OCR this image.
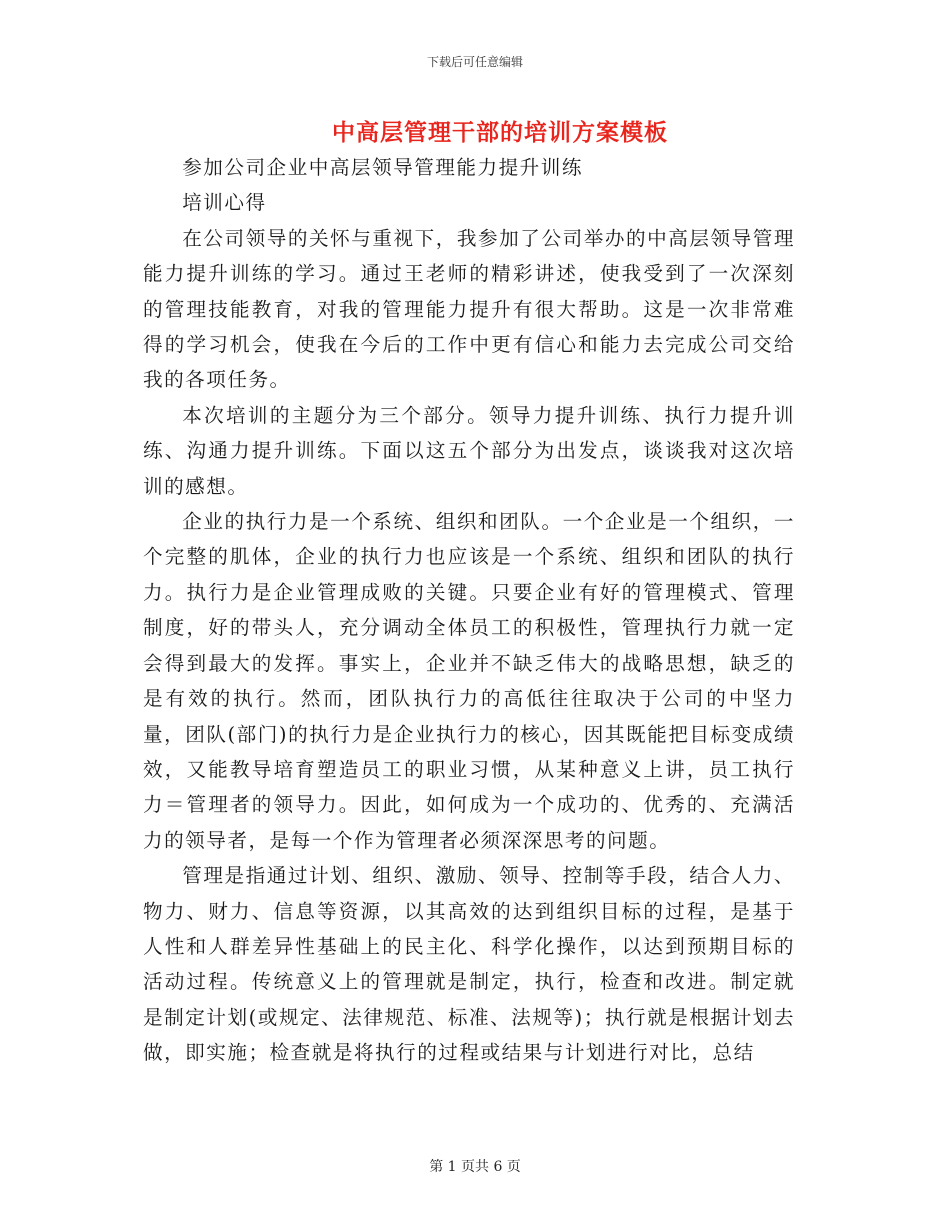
下载后可任意编辑
中高层管理干部的培训方案模板

参加公司企业中高层领导管理能力提升训练

培训心得

在公司领导的关怀与重视下，我参加了公司举办的中高层领导管理能力提升训练的学习。通过王老师的精彩讲述，使我受到了一次深刻的管理技能教育，对我的管理能力提升有很大帮助。这是一次非常难得的学习机会，使我在今后的工作中更有信心和能力去完成公司交给我的各项任务。

本次培训的主题分为三个部分。领导力提升训练、执行力提升训练、沟通力提升训练。下面以这五个部分为出发点，谈谈我对这次培训的感想。

企业的执行力是一个系统、组织和团队。一个企业是一个组织，一个完整的肌体，企业的执行力也应该是一个系统、组织和团队的执行力。执行力是企业管理成败的关键。只要企业有好的管理模式、管理制度，好的带头人，充分调动全体员工的积极性，管理执行力就一定会得到最大的发挥。事实上，企业并不缺乏伟大的战略思想，缺乏的是有效的执行。然而，团队执行力的高低往往取决于公司的中坚力量，团队(部门)的执行力是企业执行力的核心，因其既能把目标变成绩效，又能教导培育塑造员工的职业习惯，从某种意义上讲，员工执行力＝管理者的领导力。因此，如何成为一个成功的、优秀的、充满活力的领导者，是每一个作为管理者必须深深思考的问题。

管理是指通过计划、组织、激励、领导、控制等手段，结合人力、物力、财力、信息等资源，以其高效的达到组织目标的过程，是基于人性和人群差异性基础上的民主化、科学化操作，以达到预期目标的活动过程。传统意义上的管理就是制定，执行，检查和改进。制定就是制定计划(或规定、法律规范、标准、法规等)；执行就是根据计划去做，即实施；检查就是将执行的过程或结果与计划进行对比，总结

第 1 页共 6 页
